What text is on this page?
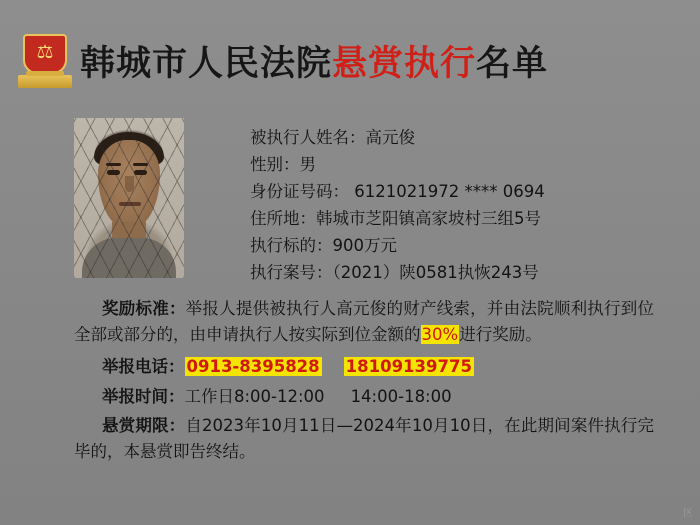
⚖ 韩城市人民法院悬赏执行名单
被执行人姓名：高元俊
性别：男
身份证号码： 6121021972 **** 0694
住所地：韩城市芝阳镇高家坡村三组5号
执行标的：900万元
执行案号：（2021）陕0581执恢243号
奖励标准：举报人提供被执行人高元俊的财产线索，并由法院顺利执行到位全部或部分的，由申请执行人按实际到位金额的30%进行奖励。
举报电话： 0913-8395828 18109139775
举报时间：工作日8:00-12:00 14:00-18:00
悬赏期限：自2023年10月11日—2024年10月10日，在此期间案件执行完毕的，本悬赏即告终结。
区
